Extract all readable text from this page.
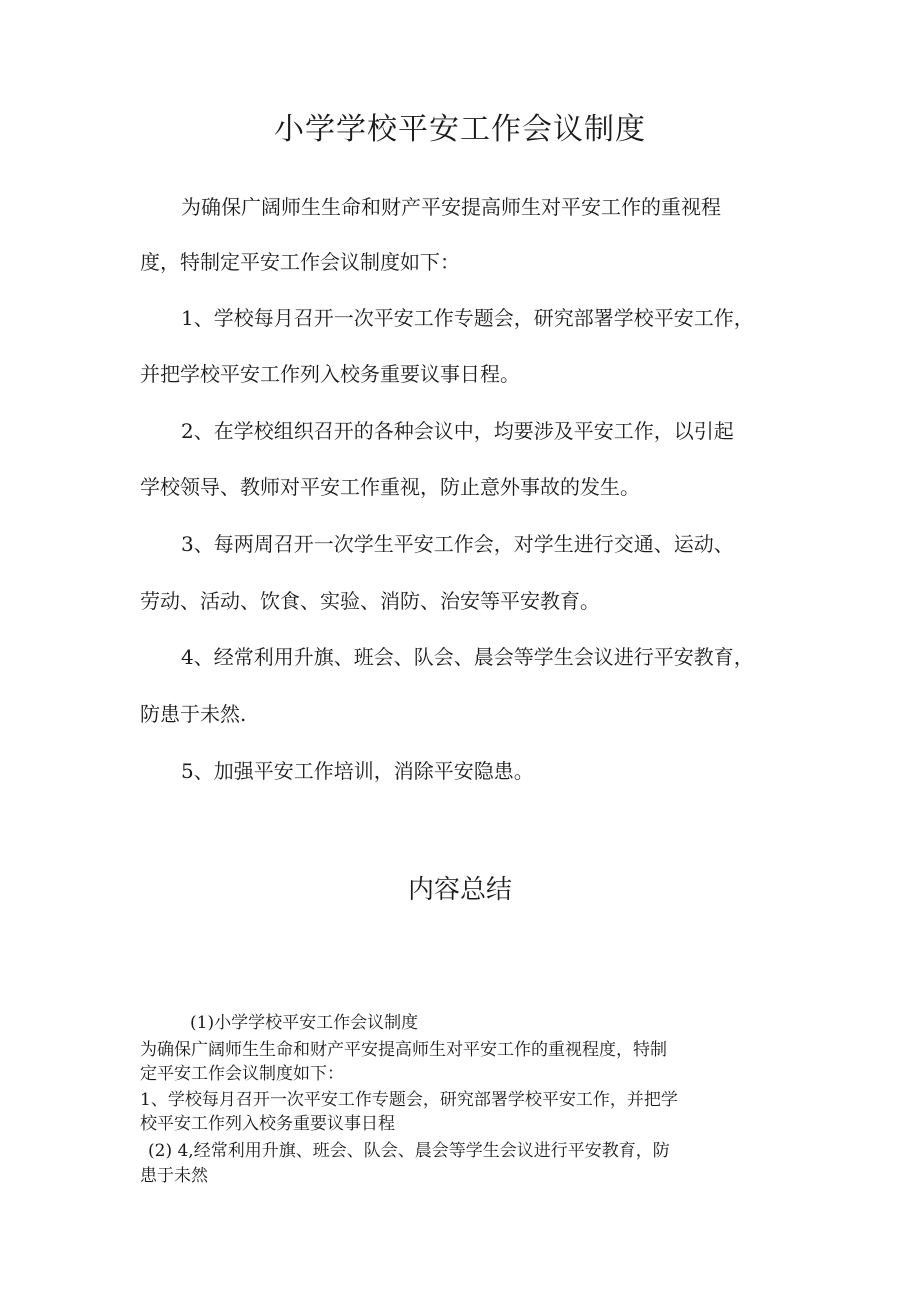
小学学校平安工作会议制度
为确保广阔师生生命和财产平安提高师生对平安工作的重视程
度，特制定平安工作会议制度如下：
1、学校每月召开一次平安工作专题会，研究部署学校平安工作，
并把学校平安工作列入校务重要议事日程。
2、在学校组织召开的各种会议中，均要涉及平安工作，以引起
学校领导、教师对平安工作重视，防止意外事故的发生。
3、每两周召开一次学生平安工作会，对学生进行交通、运动、
劳动、活动、饮食、实验、消防、治安等平安教育。
4、经常利用升旗、班会、队会、晨会等学生会议进行平安教育，
防患于未然.
5、加强平安工作培训，消除平安隐患。
内容总结
(1)小学学校平安工作会议制度
为确保广阔师生生命和财产平安提高师生对平安工作的重视程度，特制
定平安工作会议制度如下：
1、学校每月召开一次平安工作专题会，研究部署学校平安工作，并把学
校平安工作列入校务重要议事日程
(2) 4,经常利用升旗、班会、队会、晨会等学生会议进行平安教育，防
患于未然
